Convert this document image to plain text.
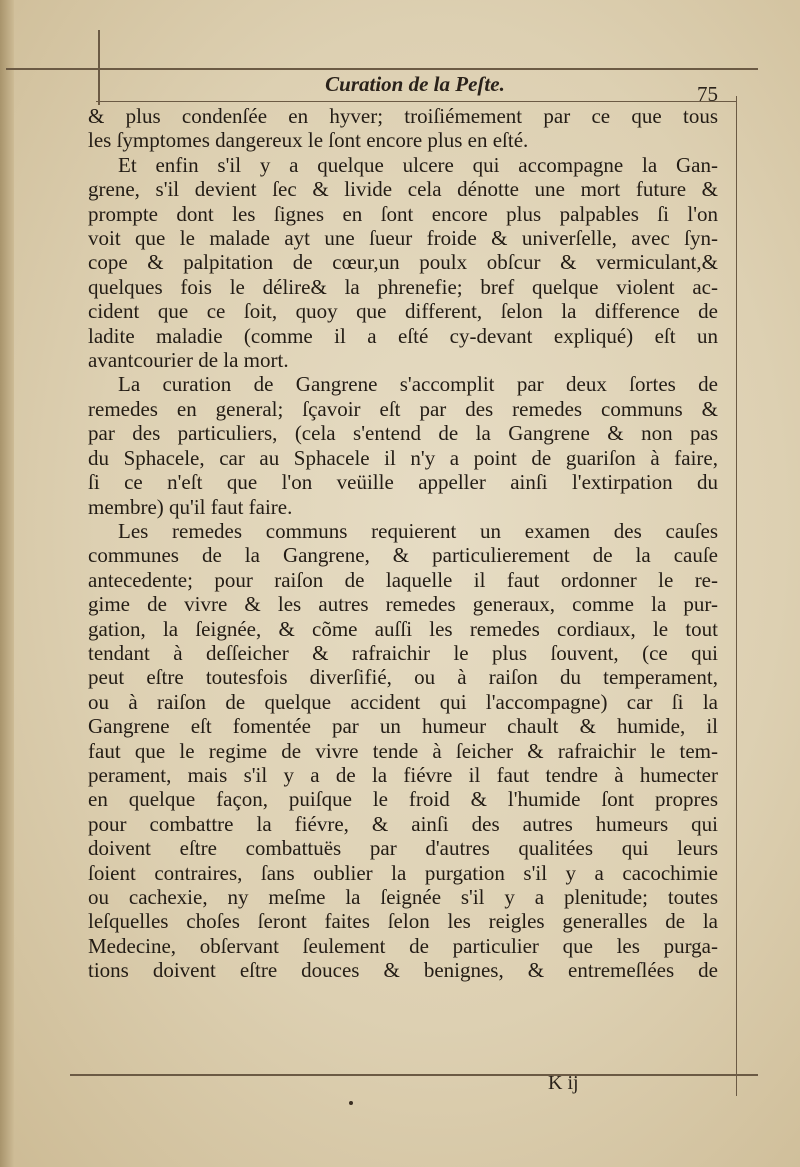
Curation de la Peſte.	75
& plus condenſée en hyver; troiſiémement par ce que tous
les ſymptomes dangereux le ſont encore plus en eſté.
Et enfin s'il y a quelque ulcere qui accompagne la Gan-
grene, s'il devient ſec & livide cela dénotte une mort future &
prompte dont les ſignes en ſont encore plus palpables ſi l'on
voit que le malade ayt une ſueur froide & univerſelle, avec ſyn-
cope & palpitation de cœur,un poulx obſcur & vermiculant,&
quelques fois le délire& la phrenefie; bref quelque violent ac-
cident que ce ſoit, quoy que different, ſelon la difference de
ladite maladie (comme il a eſté cy-devant expliqué) eſt un
avantcourier de la mort.
La curation de Gangrene s'accomplit par deux ſortes de
remedes en general; ſçavoir eſt par des remedes communs &
par des particuliers, (cela s'entend de la Gangrene & non pas
du Sphacele, car au Sphacele il n'y a point de guariſon à faire,
ſi ce n'eſt que l'on veüille appeller ainſi l'extirpation du
membre) qu'il faut faire.
Les remedes communs requierent un examen des cauſes
communes de la Gangrene, & particulierement de la cauſe
antecedente; pour raiſon de laquelle il faut ordonner le re-
gime de vivre & les autres remedes generaux, comme la pur-
gation, la ſeignée, & cõme auſſi les remedes cordiaux, le tout
tendant à deſſeicher & rafraichir le plus ſouvent, (ce qui
peut eſtre toutesfois diverſifié, ou à raiſon du temperament,
ou à raiſon de quelque accident qui l'accompagne) car ſi la
Gangrene eſt fomentée par un humeur chault & humide, il
faut que le regime de vivre tende à ſeicher & rafraichir le tem-
perament, mais s'il y a de la fiévre il faut tendre à humecter
en quelque façon, puiſque le froid & l'humide ſont propres
pour combattre la fiévre, & ainſi des autres humeurs qui
doivent eſtre combattuës par d'autres qualitées qui leurs
ſoient contraires, ſans oublier la purgation s'il y a cacochimie
ou cachexie, ny meſme la ſeignée s'il y a plenitude; toutes
leſquelles choſes ſeront faites ſelon les reigles generalles de la
Medecine, obſervant ſeulement de particulier que les purga-
tions doivent eſtre douces & benignes, & entremeſlées de
K ij
